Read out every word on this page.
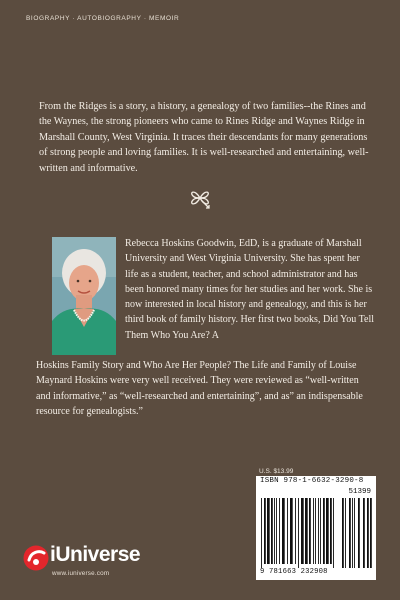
BIOGRAPHY · AUTOBIOGRAPHY · MEMOIR

From the Ridges is a story, a history, a genealogy of two families--the Rines and the Waynes, the strong pioneers who came to Rines Ridge and Waynes Ridge in Marshall County, West Virginia. It traces their descendants for many generations of strong people and loving families. It is well-researched and entertaining, well-written and informative.

Rebecca Hoskins Goodwin, EdD, is a graduate of Marshall University and West Virginia University. She has spent her life as a student, teacher, and school administrator and has been honored many times for her studies and her work. She is now interested in local history and genealogy, and this is her third book of family history. Her first two books, Did You Tell Them Who You Are? A
Hoskins Family Story and Who Are Her People? The Life and Family of Louise Maynard Hoskins were very well received. They were reviewed as “well-written and informative,” as “well-researched and entertaining”, and as” an indispensable resource for genealogists.”
U.S. $13.99
ISBN 978-1-6632-3290-8
51399
9 781663 232908
iUniverse
www.iuniverse.com
